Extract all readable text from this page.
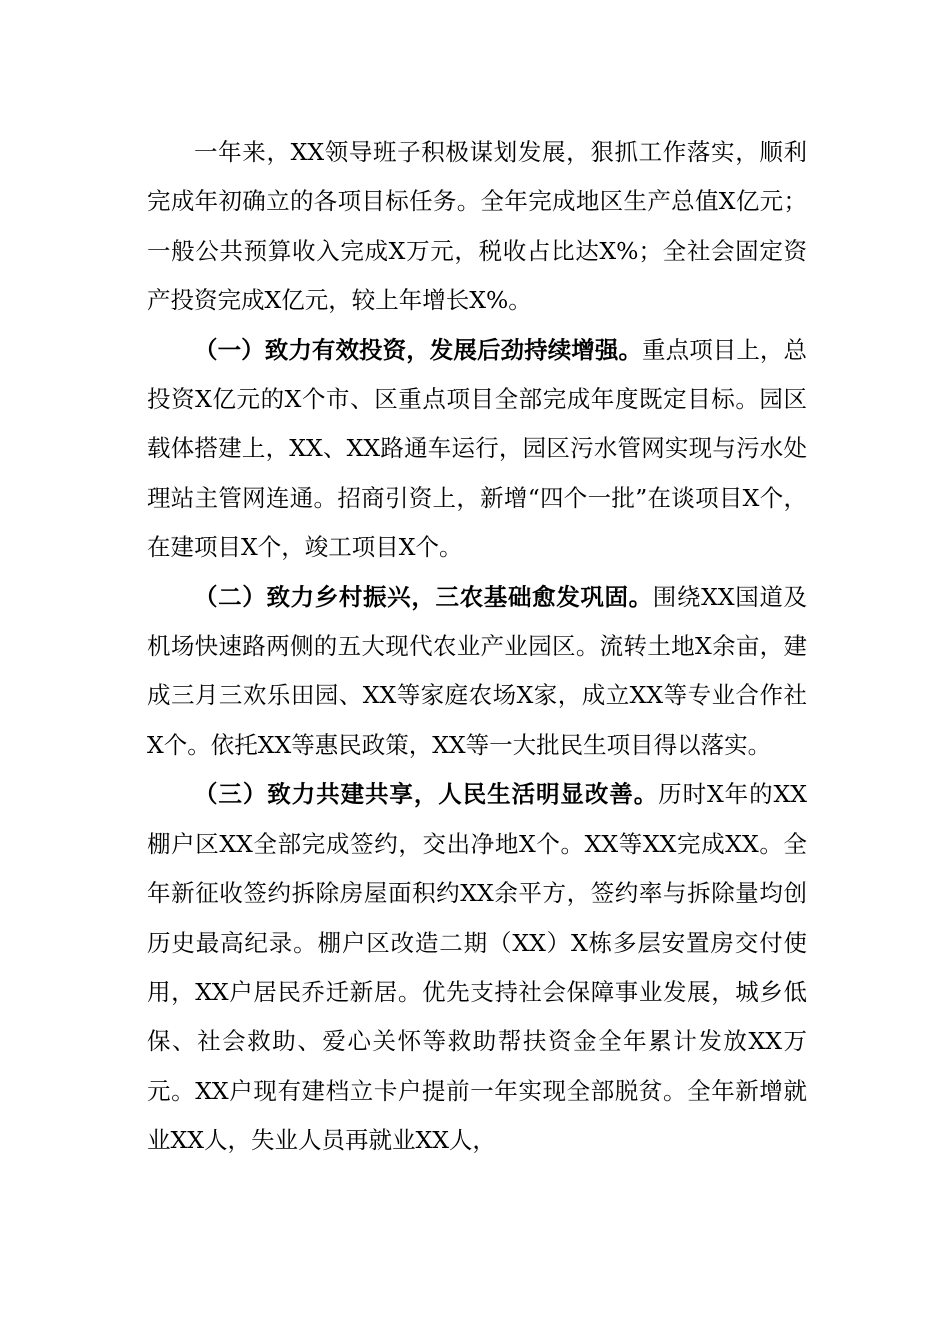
一年来，XX领导班子积极谋划发展，狠抓工作落实，顺利完成年初确立的各项目标任务。全年完成地区生产总值X亿元；一般公共预算收入完成X万元，税收占比达X%；全社会固定资产投资完成X亿元，较上年增长X%。

（一）致力有效投资，发展后劲持续增强。重点项目上，总投资X亿元的X个市、区重点项目全部完成年度既定目标。园区载体搭建上，XX、XX路通车运行，园区污水管网实现与污水处理站主管网连通。招商引资上，新增“四个一批”在谈项目X个，在建项目X个，竣工项目X个。

（二）致力乡村振兴，三农基础愈发巩固。围绕XX国道及机场快速路两侧的五大现代农业产业园区。流转土地X余亩，建成三月三欢乐田园、XX等家庭农场X家，成立XX等专业合作社X个。依托XX等惠民政策，XX等一大批民生项目得以落实。

（三）致力共建共享，人民生活明显改善。历时X年的XX棚户区XX全部完成签约，交出净地X个。XX等XX完成XX。全年新征收签约拆除房屋面积约XX余平方，签约率与拆除量均创历史最高纪录。棚户区改造二期（XX）X栋多层安置房交付使用，XX户居民乔迁新居。优先支持社会保障事业发展，城乡低保、社会救助、爱心关怀等救助帮扶资金全年累计发放XX万元。XX户现有建档立卡户提前一年实现全部脱贫。全年新增就业XX人，失业人员再就业XX人，
